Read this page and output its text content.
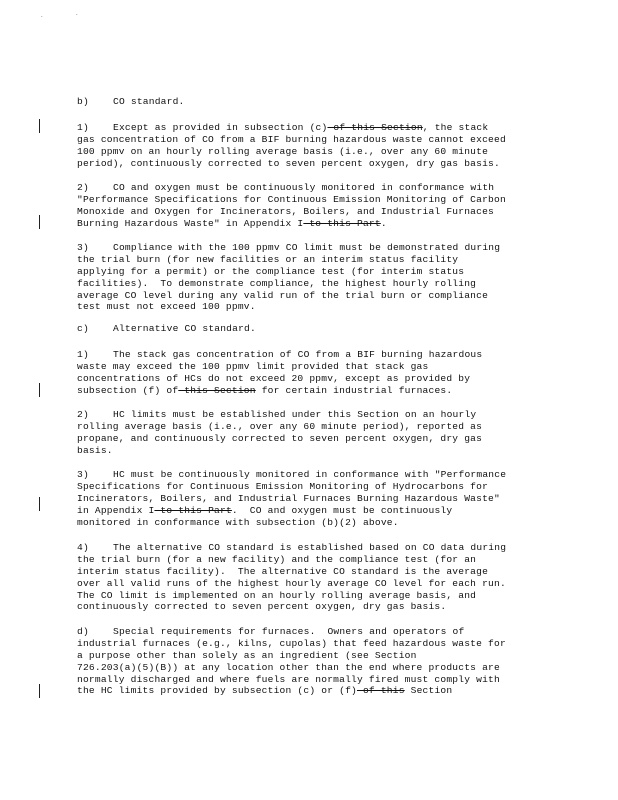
.	.
b)	CO standard.
1)	Except as provided in subsection (c) of this Section, the stack
gas concentration of CO from a BIF burning hazardous waste cannot exceed
100 ppmv on an hourly rolling average basis (i.e., over any 60 minute
period), continuously corrected to seven percent oxygen, dry gas basis.
2)	CO and oxygen must be continuously monitored in conformance with
"Performance Specifications for Continuous Emission Monitoring of Carbon
Monoxide and Oxygen for Incinerators, Boilers, and Industrial Furnaces
Burning Hazardous Waste" in Appendix I to this Part.
3)	Compliance with the 100 ppmv CO limit must be demonstrated during
the trial burn (for new facilities or an interim status facility
applying for a permit) or the compliance test (for interim status
facilities).  To demonstrate compliance, the highest hourly rolling
average CO level during any valid run of the trial burn or compliance
test must not exceed 100 ppmv.
c)	Alternative CO standard.
1)	The stack gas concentration of CO from a BIF burning hazardous
waste may exceed the 100 ppmv limit provided that stack gas
concentrations of HCs do not exceed 20 ppmv, except as provided by
subsection (f) of this Section for certain industrial furnaces.
2)	HC limits must be established under this Section on an hourly
rolling average basis (i.e., over any 60 minute period), reported as
propane, and continuously corrected to seven percent oxygen, dry gas
basis.
3)	HC must be continuously monitored in conformance with "Performance
Specifications for Continuous Emission Monitoring of Hydrocarbons for
Incinerators, Boilers, and Industrial Furnaces Burning Hazardous Waste"
in Appendix I to this Part.  CO and oxygen must be continuously
monitored in conformance with subsection (b)(2) above.
4)	The alternative CO standard is established based on CO data during
the trial burn (for a new facility) and the compliance test (for an
interim status facility).  The alternative CO standard is the average
over all valid runs of the highest hourly average CO level for each run.
The CO limit is implemented on an hourly rolling average basis, and
continuously corrected to seven percent oxygen, dry gas basis.
d)	Special requirements for furnaces.  Owners and operators of
industrial furnaces (e.g., kilns, cupolas) that feed hazardous waste for
a purpose other than solely as an ingredient (see Section
726.203(a)(5)(B)) at any location other than the end where products are
normally discharged and where fuels are normally fired must comply with
the HC limits provided by subsection (c) or (f) of this Section
